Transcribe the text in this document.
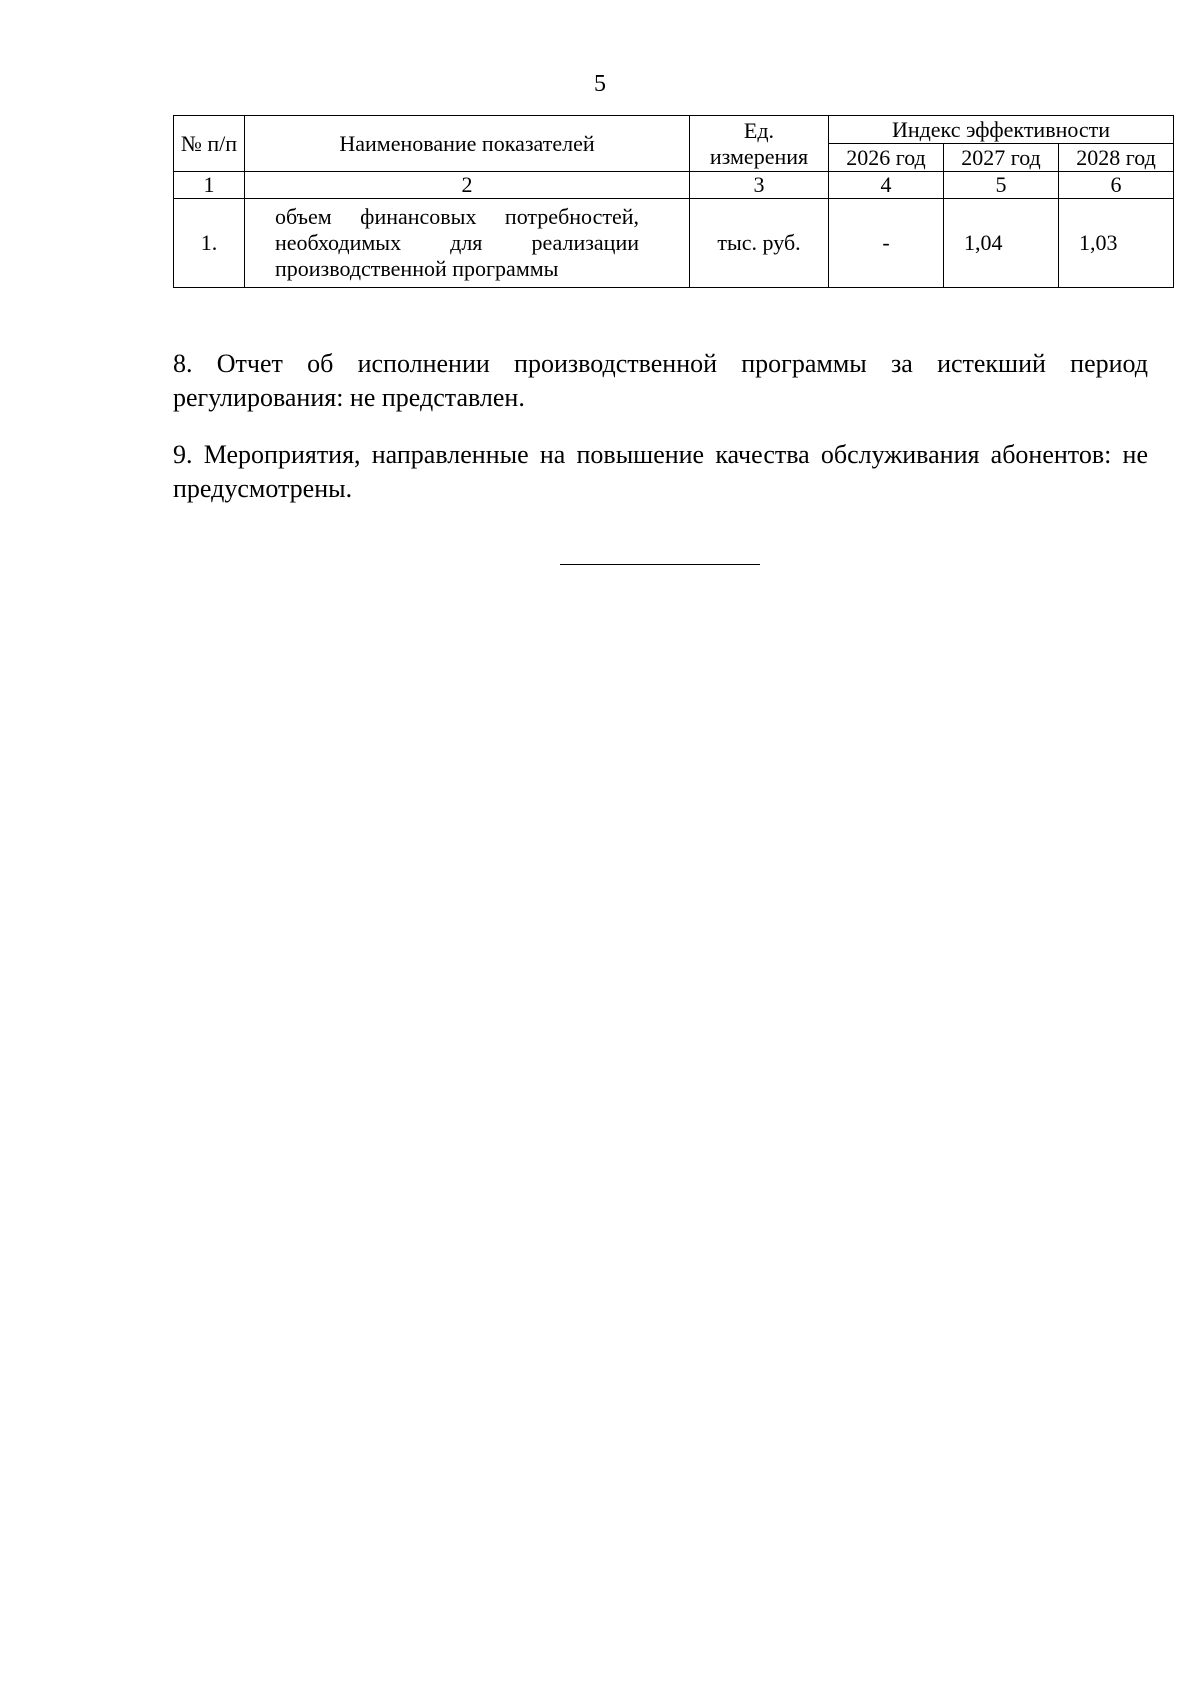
5
№ п/п	Наименование показателей	Ед. измерения	Индекс эффективности		
			2026 год	2027 год	2028 год
1	2	3	4	5	6
1.	объем финансовых потребностей, необходимых для реализации производственной программы	тыс. руб.	-	1,04	1,03

8. Отчет об исполнении производственной программы за истекший период регулирования: не представлен.

9. Мероприятия, направленные на повышение качества обслуживания абонентов: не предусмотрены.
